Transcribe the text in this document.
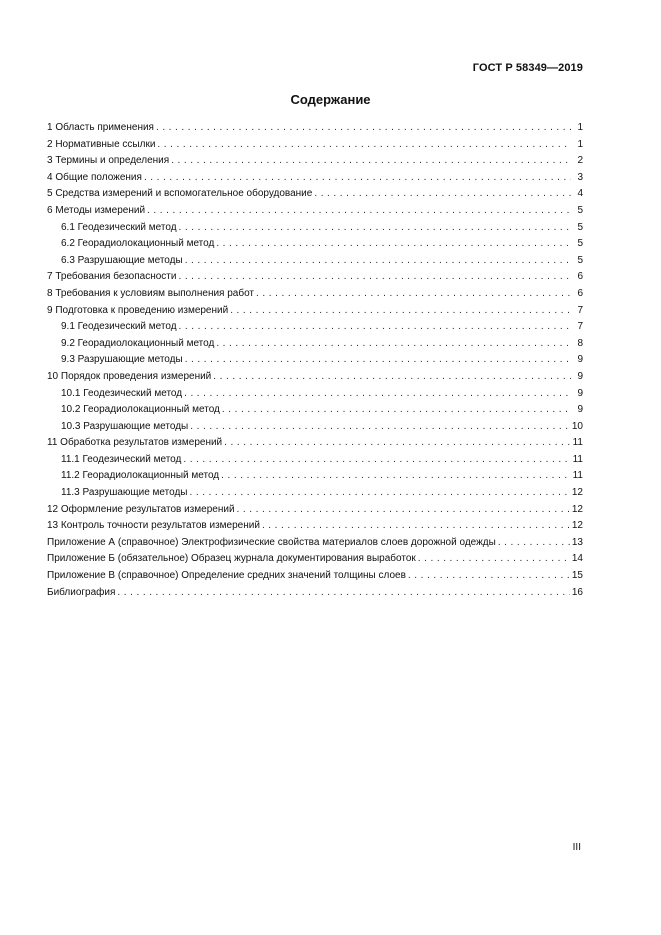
ГОСТ Р 58349—2019
Содержание
1 Область применения . . .	1
2 Нормативные ссылки . . .	1
3 Термины и определения . . .	2
4 Общие положения . . .	3
5 Средства измерений и вспомогательное оборудование . . .	4
6 Методы измерений . . .	5
6.1 Геодезический метод . . .	5
6.2 Георадиолокационный метод . . .	5
6.3 Разрушающие методы . . .	5
7 Требования безопасности . . .	6
8 Требования к условиям выполнения работ . . .	6
9 Подготовка к проведению измерений . . .	7
9.1 Геодезический метод . . .	7
9.2 Георадиолокационный метод . . .	8
9.3 Разрушающие методы . . .	9
10 Порядок проведения измерений . . .	9
10.1 Геодезический метод . . .	9
10.2 Георадиолокационный метод . . .	9
10.3 Разрушающие методы . . .	10
11 Обработка результатов измерений . . .	11
11.1 Геодезический метод . . .	11
11.2 Георадиолокационный метод . . .	11
11.3 Разрушающие методы . . .	12
12 Оформление результатов измерений . . .	12
13 Контроль точности результатов измерений . . .	12
Приложение А (справочное) Электрофизические свойства материалов слоев дорожной одежды . . .	13
Приложение Б (обязательное) Образец журнала документирования выработок . . .	14
Приложение В (справочное) Определение средних значений толщины слоев . . .	15
Библиография . . .	16
III
